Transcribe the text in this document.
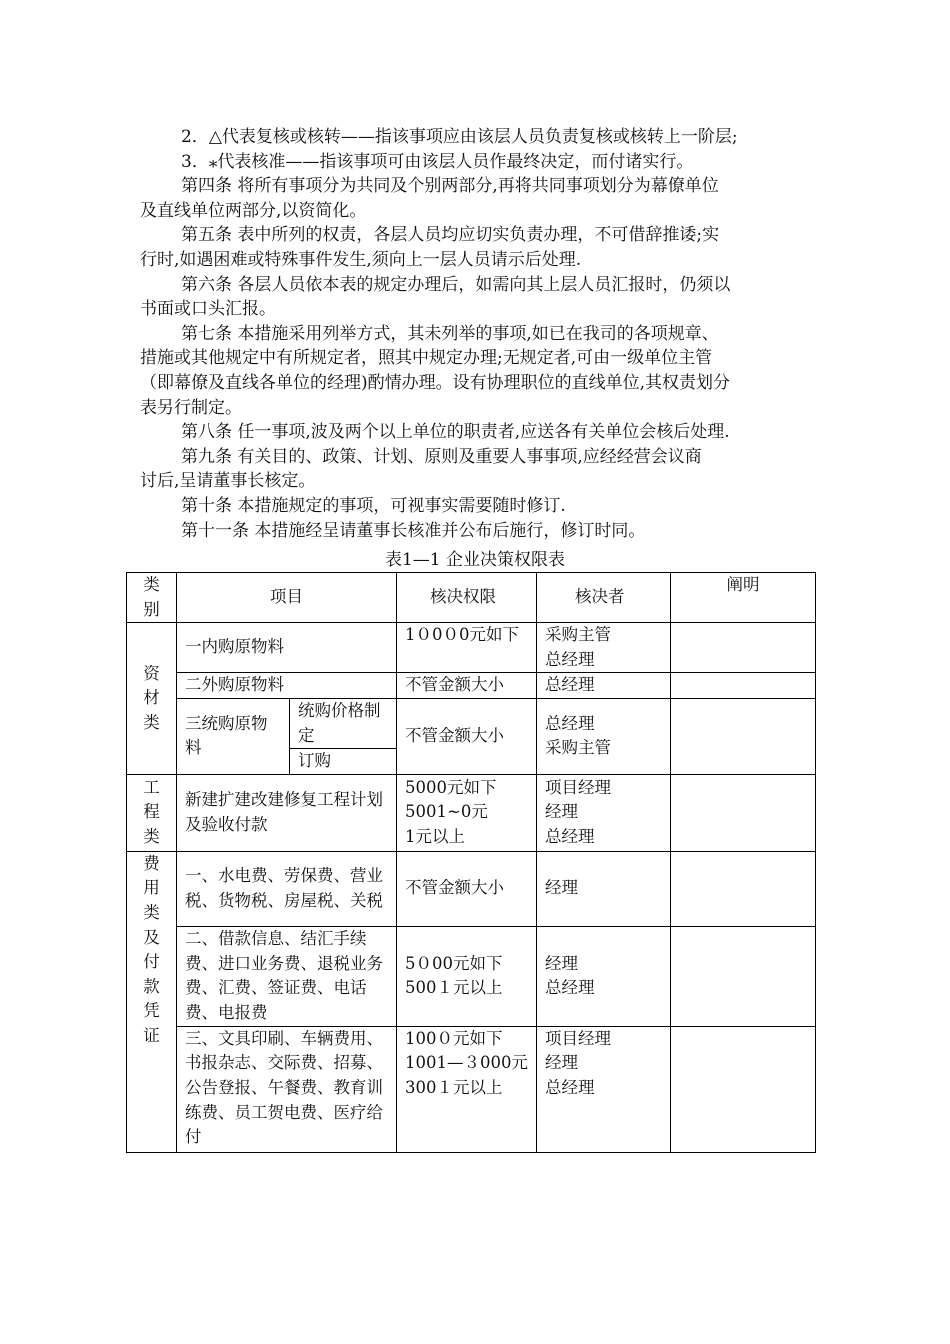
2．△代表复核或核转——指该事项应由该层人员负责复核或核转上一阶层;

3．⁎代表核准——指该事项可由该层人员作最终决定，而付诸实行。

第四条 将所有事项分为共同及个别两部分,再将共同事项划分为幕僚单位

及直线单位两部分,以资简化。

第五条 表中所列的权责，各层人员均应切实负责办理，不可借辞推诿;实

行时,如遇困难或特殊事件发生,须向上一层人员请示后处理.

第六条 各层人员依本表的规定办理后，如需向其上层人员汇报时，仍须以

书面或口头汇报。

第七条 本措施采用列举方式，其未列举的事项,如已在我司的各项规章、

措施或其他规定中有所规定者，照其中规定办理;无规定者,可由一级单位主管

（即幕僚及直线各单位的经理)酌情办理。设有协理职位的直线单位,其权责划分

表另行制定。

第八条 任一事项,波及两个以上单位的职责者,应送各有关单位会核后处理.

第九条 有关目的、政策、计划、原则及重要人事事项,应经经营会议商

讨后,呈请董事长核定。

第十条 本措施规定的事项，可视事实需要随时修订.

第十一条 本措施经呈请董事长核准并公布后施行，修订时同。

表1—1 企业决策权限表
类别	项目		核决权限	核决者	阐明

资材类	一内购原物料		1０0０0元如下	采购主管
总经理	

	二外购原物料		不管金额大小	总经理	
	三统购原物料	统购价格制定	不管金额大小	总经理
采购主管	

		订购			

工程类	新建扩建改建修复工程计划及验收付款		5000元如下
5001~0元
1元以上	项目经理
经理
总经理	

费用类及付款凭证	一、水电费、劳保费、营业税、货物税、房屋税、关税		不管金额大小	经理	
	二、借款信息、结汇手续费、进口业务费、退税业务费、汇费、签证费、电话费、电报费		5０00元如下
500１元以上	经理
总经理	

	三、文具印刷、车辆费用、书报杂志、交际费、招募、公告登报、午餐费、教育训练费、员工贺电费、医疗给付		100０元如下
1001—３000元
300１元以上	项目经理
经理
总经理	
